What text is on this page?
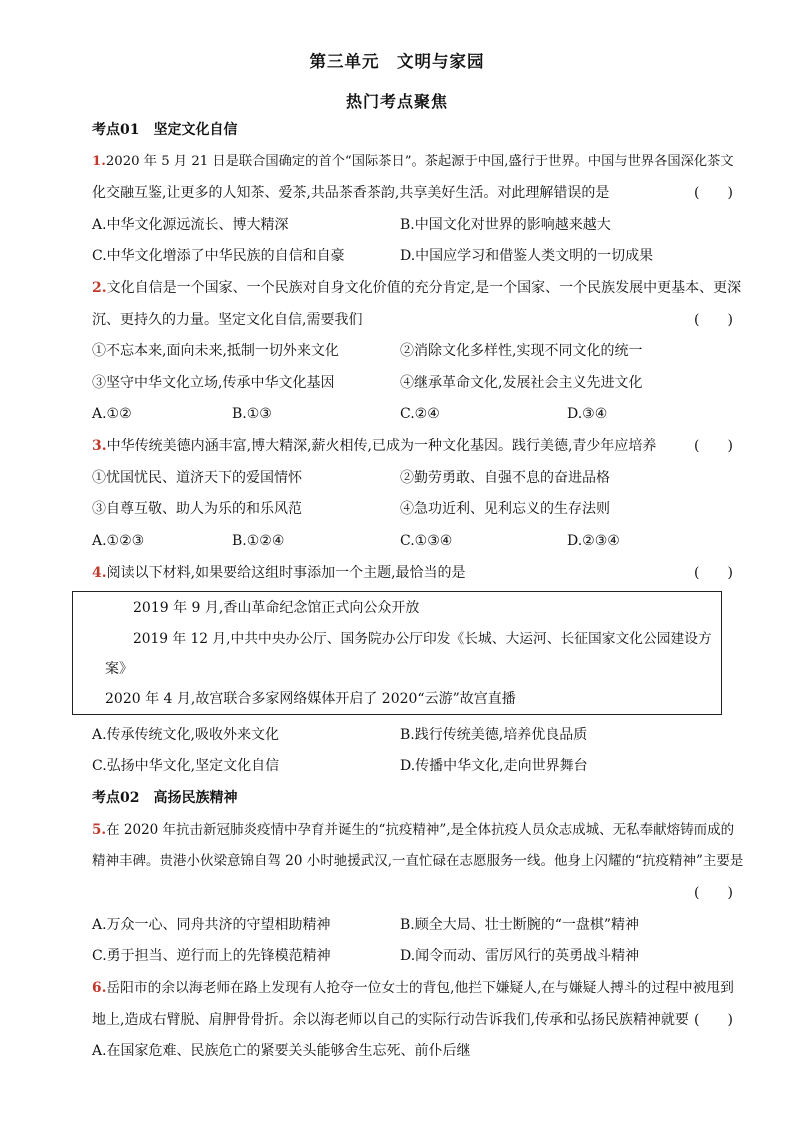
第三单元　文明与家园
热门考点聚焦
考点01　坚定文化自信
1.2020 年 5 月 21 日是联合国确定的首个“国际茶日”。茶起源于中国,盛行于世界。中国与世界各国深化茶文
化交融互鉴,让更多的人知茶、爱茶,共品茶香茶韵,共享美好生活。对此理解错误的是	(　　)
A.中华文化源远流长、博大精深	B.中国文化对世界的影响越来越大
C.中华文化增添了中华民族的自信和自豪	D.中国应学习和借鉴人类文明的一切成果
2.文化自信是一个国家、一个民族对自身文化价值的充分肯定,是一个国家、一个民族发展中更基本、更深
沉、更持久的力量。坚定文化自信,需要我们	(　　)
①不忘本来,面向未来,抵制一切外来文化	②消除文化多样性,实现不同文化的统一
③坚守中华文化立场,传承中华文化基因	④继承革命文化,发展社会主义先进文化
A.①②	B.①③	C.②④	D.③④
3.中华传统美德内涵丰富,博大精深,薪火相传,已成为一种文化基因。践行美德,青少年应培养	(　　)
①忧国忧民、道济天下的爱国情怀	②勤劳勇敢、自强不息的奋进品格
③自尊互敬、助人为乐的和乐风范	④急功近利、见利忘义的生存法则
A.①②③	B.①②④	C.①③④	D.②③④
4.阅读以下材料,如果要给这组时事添加一个主题,最恰当的是	(　　)
2019 年 9 月,香山革命纪念馆正式向公众开放
2019 年 12 月,中共中央办公厅、国务院办公厅印发《长城、大运河、长征国家文化公园建设方
案》
2020 年 4 月,故宫联合多家网络媒体开启了 2020“云游”故宫直播
A.传承传统文化,吸收外来文化	B.践行传统美德,培养优良品质
C.弘扬中华文化,坚定文化自信	D.传播中华文化,走向世界舞台
考点02　高扬民族精神
5.在 2020 年抗击新冠肺炎疫情中孕育并诞生的“抗疫精神”,是全体抗疫人员众志成城、无私奉献熔铸而成的
精神丰碑。贵港小伙梁意锦自驾 20 小时驰援武汉,一直忙碌在志愿服务一线。他身上闪耀的“抗疫精神”主要是
(　　)
A.万众一心、同舟共济的守望相助精神	B.顾全大局、壮士断腕的“一盘棋”精神
C.勇于担当、逆行而上的先锋模范精神	D.闻令而动、雷厉风行的英勇战斗精神
6.岳阳市的余以海老师在路上发现有人抢夺一位女士的背包,他拦下嫌疑人,在与嫌疑人搏斗的过程中被甩到
地上,造成右臂脱、肩胛骨骨折。余以海老师以自己的实际行动告诉我们,传承和弘扬民族精神就要 (　　)
A.在国家危难、民族危亡的紧要关头能够舍生忘死、前仆后继
